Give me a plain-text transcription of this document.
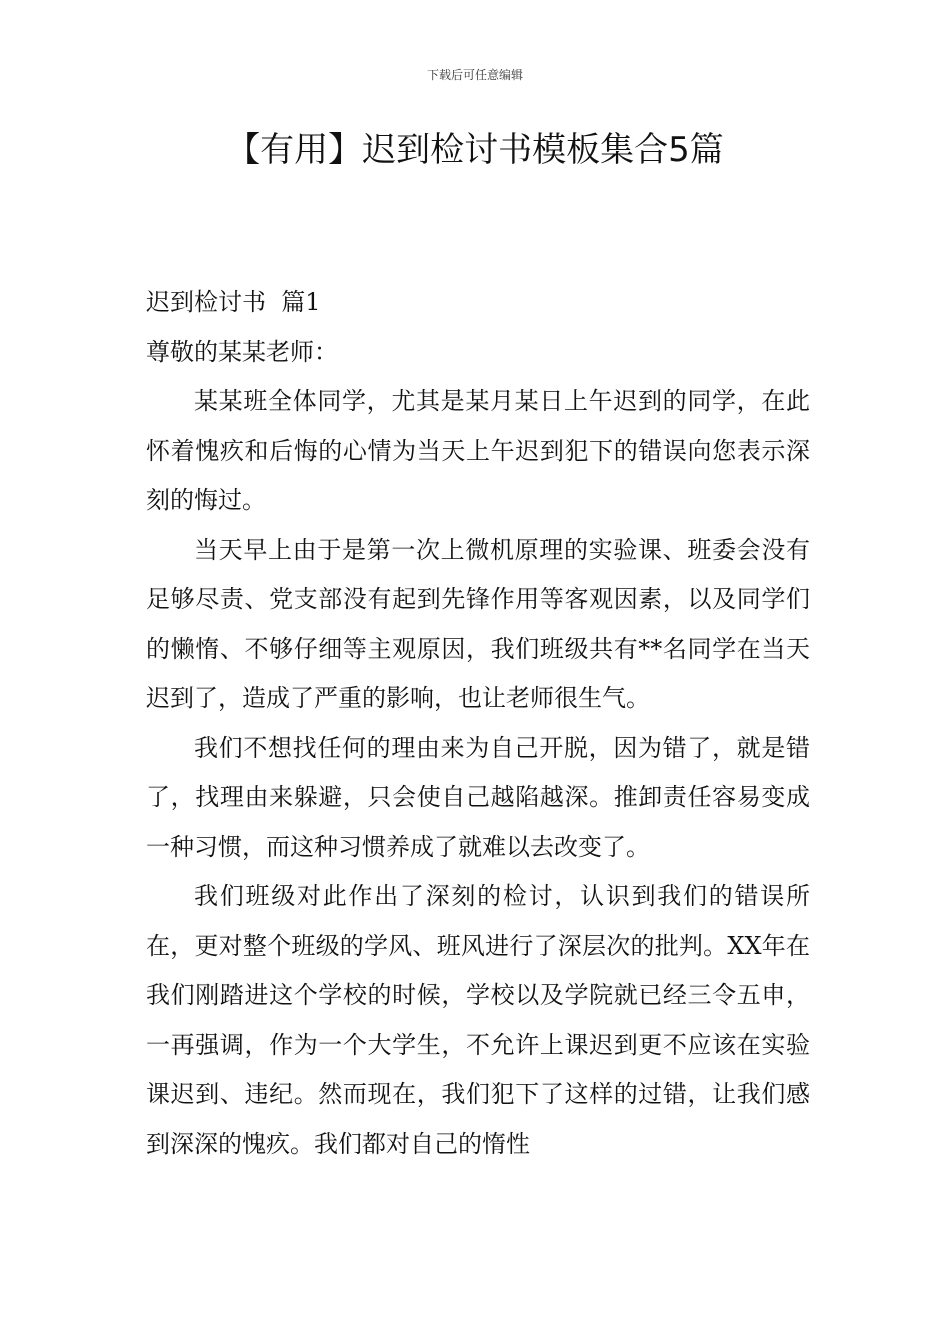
下载后可任意编辑
【有用】迟到检讨书模板集合5篇

迟到检讨书  篇1

尊敬的某某老师：

某某班全体同学，尤其是某月某日上午迟到的同学，在此怀着愧疚和后悔的心情为当天上午迟到犯下的错误向您表示深刻的悔过。

当天早上由于是第一次上微机原理的实验课、班委会没有足够尽责、党支部没有起到先锋作用等客观因素，以及同学们的懒惰、不够仔细等主观原因，我们班级共有**名同学在当天迟到了，造成了严重的影响，也让老师很生气。

我们不想找任何的理由来为自己开脱，因为错了，就是错了，找理由来躲避，只会使自己越陷越深。推卸责任容易变成一种习惯，而这种习惯养成了就难以去改变了。

我们班级对此作出了深刻的检讨，认识到我们的错误所在，更对整个班级的学风、班风进行了深层次的批判。XX年在我们刚踏进这个学校的时候，学校以及学院就已经三令五申，一再强调，作为一个大学生，不允许上课迟到更不应该在实验课迟到、违纪。然而现在，我们犯下了这样的过错，让我们感到深深的愧疚。我们都对自己的惰性
